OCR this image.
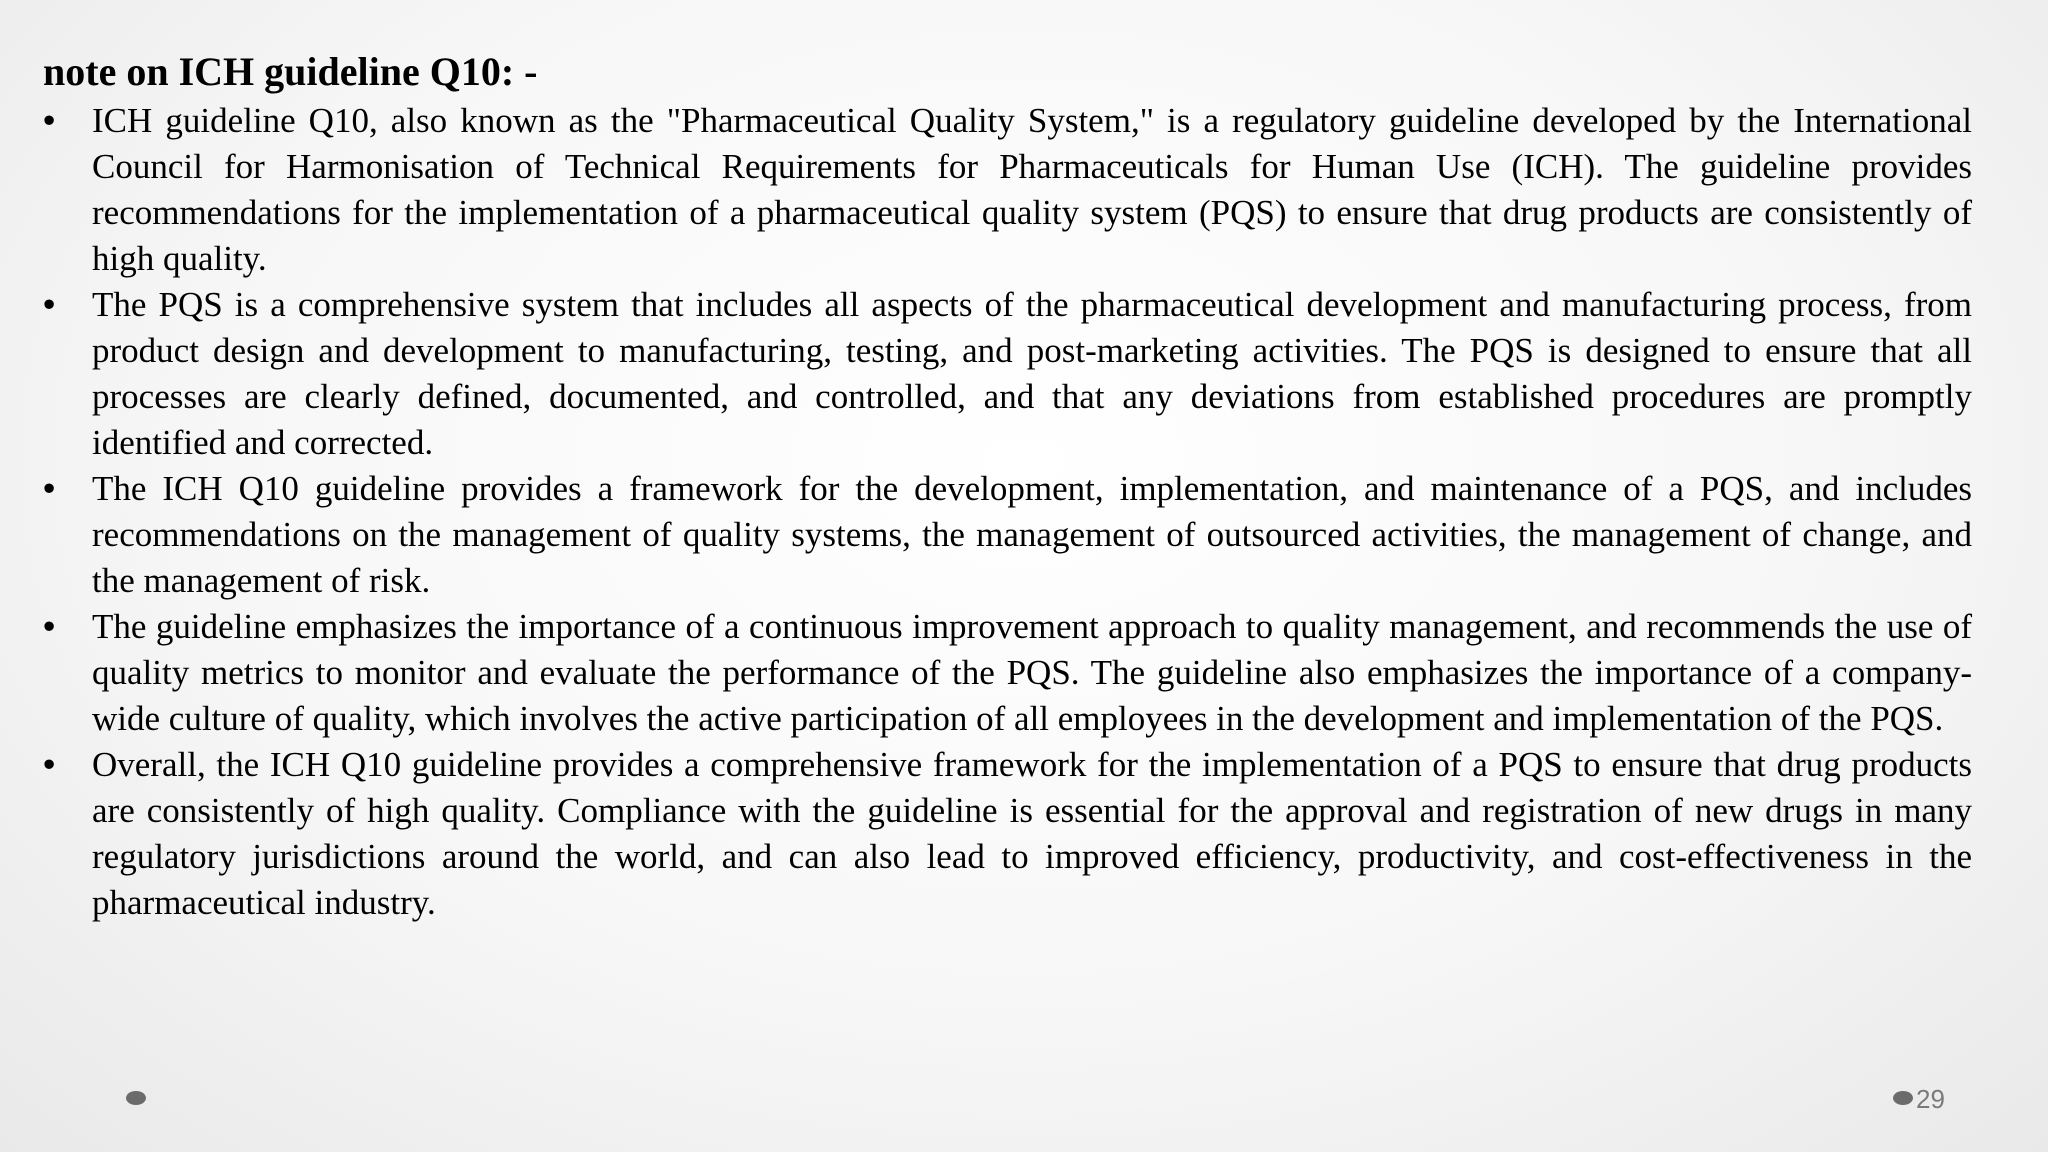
note on ICH guideline Q10: -
• ICH guideline Q10, also known as the "Pharmaceutical Quality System," is a regulatory guideline developed by the International Council for Harmonisation of Technical Requirements for Pharmaceuticals for Human Use (ICH). The guideline provides recommendations for the implementation of a pharmaceutical quality system (PQS) to ensure that drug products are consistently of high quality.
• The PQS is a comprehensive system that includes all aspects of the pharmaceutical development and manufacturing process, from product design and development to manufacturing, testing, and post-marketing activities. The PQS is designed to ensure that all processes are clearly defined, documented, and controlled, and that any deviations from established procedures are promptly identified and corrected.
• The ICH Q10 guideline provides a framework for the development, implementation, and maintenance of a PQS, and includes recommendations on the management of quality systems, the management of outsourced activities, the management of change, and the management of risk.
• The guideline emphasizes the importance of a continuous improvement approach to quality management, and recommends the use of quality metrics to monitor and evaluate the performance of the PQS. The guideline also emphasizes the importance of a company-wide culture of quality, which involves the active participation of all employees in the development and implementation of the PQS.
• Overall, the ICH Q10 guideline provides a comprehensive framework for the implementation of a PQS to ensure that drug products are consistently of high quality. Compliance with the guideline is essential for the approval and registration of new drugs in many regulatory jurisdictions around the world, and can also lead to improved efficiency, productivity, and cost-effectiveness in the pharmaceutical industry.
29
